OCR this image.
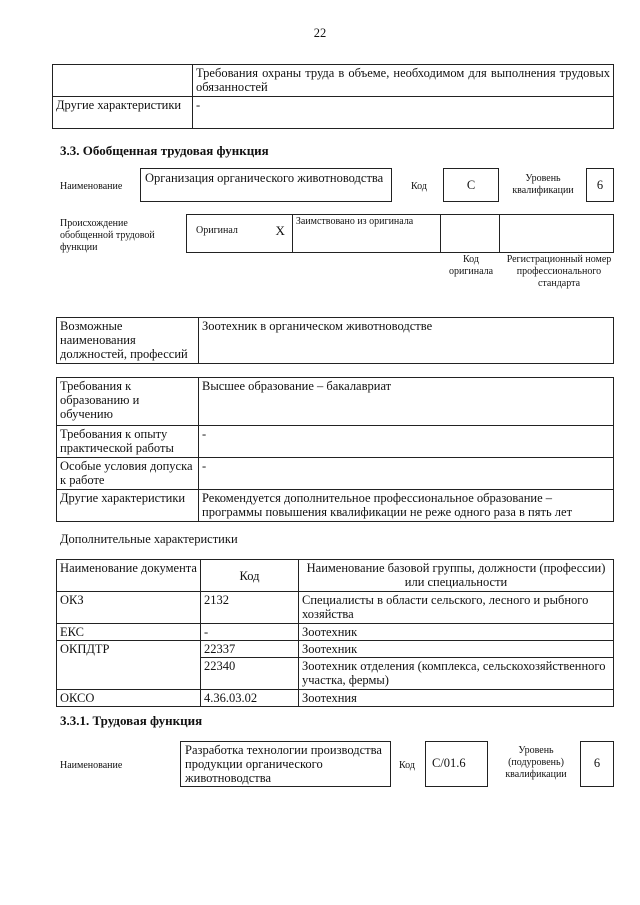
22
	Требования охраны труда в объеме, необходимом для выполнения трудовых обязанностей
Другие характеристики	-
3.3. Обобщенная трудовая функция
Наименование
Организация органического животноводства
Код	C	Уровень квалификации	6
Происхождение обобщенной трудовой функции
Оригинал	X
	Заимствовано из оригинала		
Код оригинала
Регистрационный номер профессионального стандарта
Возможные наименования должностей, профессий	Зоотехник в органическом животноводстве
Требования к образованию и обучению	Высшее образование – бакалавриат
Требования к опыту практической работы	-
Особые условия допуска к работе	-
Другие характеристики	Рекомендуется дополнительное профессиональное образование – программы повышения квалификации не реже одного раза в пять лет
Дополнительные характеристики
Наименование документа	Код	Наименование базовой группы, должности (профессии) или специальности
ОКЗ	2132	Специалисты в области сельского, лесного и рыбного хозяйства
ЕКС	-	Зоотехник
ОКПДТР	22337	Зоотехник
	22340	Зоотехник отделения (комплекса, сельскохозяйственного участка, фермы)
ОКСО	4.36.03.02	Зоотехния
3.3.1. Трудовая функция
Наименование
Разработка технологии производства продукции органического животноводства
Код	C/01.6
Уровень (подуровень) квалификации
6
